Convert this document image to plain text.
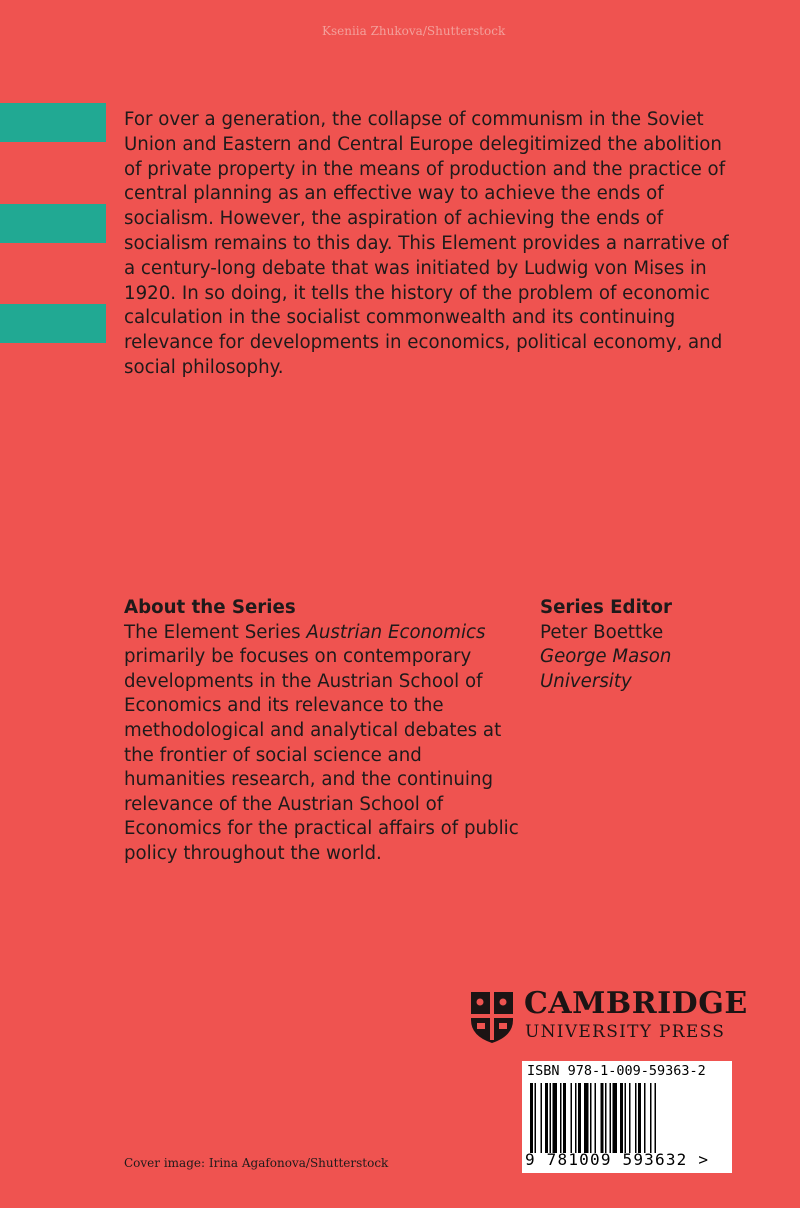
Kseniia Zhukova/Shutterstock

For over a generation, the collapse of communism in the Soviet Union and Eastern and Central Europe delegitimized the abolition of private property in the means of production and the practice of central planning as an effective way to achieve the ends of socialism. However, the aspiration of achieving the ends of socialism remains to this day. This Element provides a narrative of a century-long debate that was initiated by Ludwig von Mises in 1920. In so doing, it tells the history of the problem of economic calculation in the socialist commonwealth and its continuing relevance for developments in economics, political economy, and social philosophy.

About the Series

The Element Series Austrian Economics primarily be focuses on contemporary developments in the Austrian School of Economics and its relevance to the methodological and analytical debates at the frontier of social science and humanities research, and the continuing relevance of the Austrian School of Economics for the practical affairs of public policy throughout the world.

Series Editor
Peter Boettke
George Mason
University
CAMBRIDGE
UNIVERSITY PRESS
ISBN 978-1-009-59363-2
9 781009 593632 >
Cover image: Irina Agafonova/Shutterstock
